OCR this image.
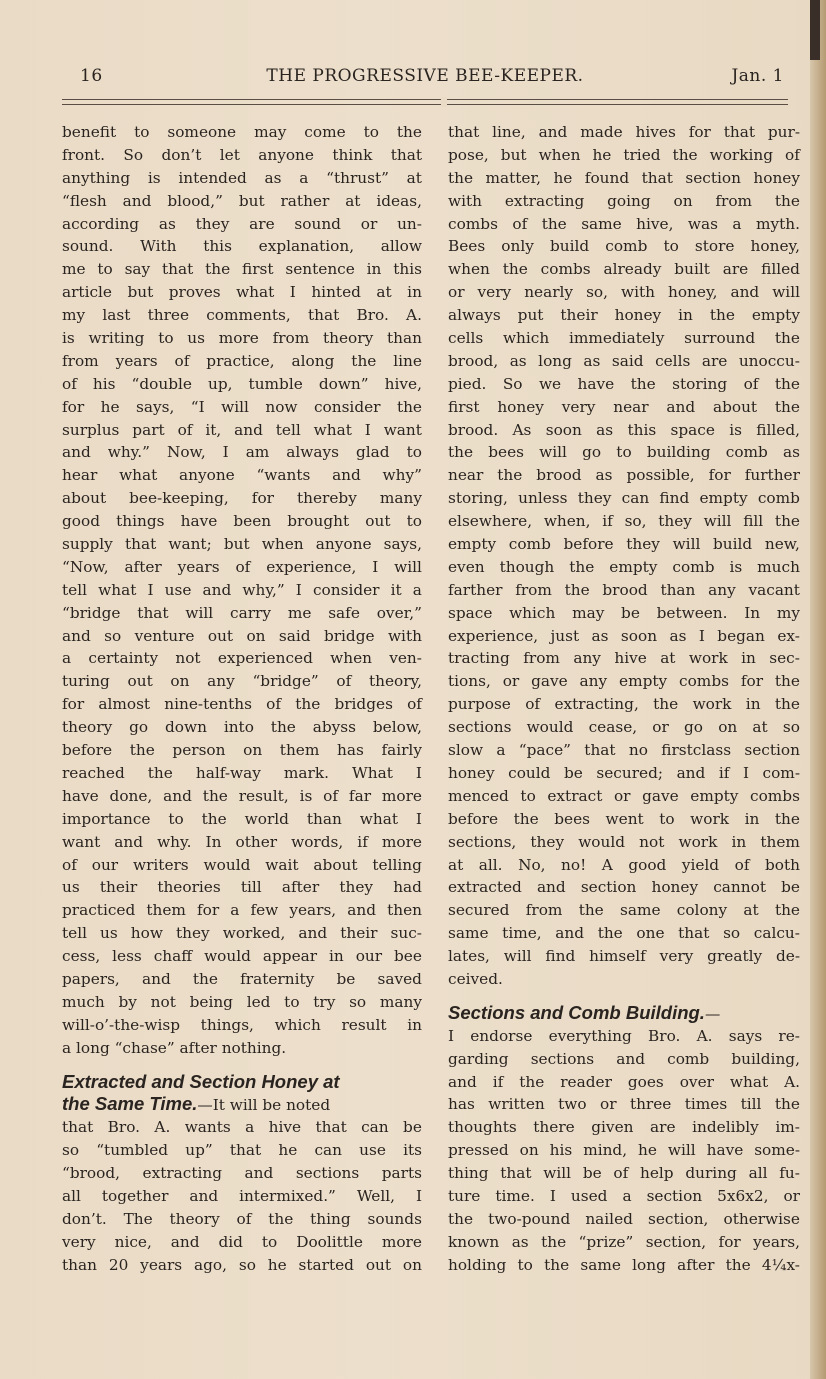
16	THE PROGRESSIVE BEE-KEEPER.	Jan. 1
benefit to someone may come to the
front. So don’t let anyone think that
anything is intended as a “thrust” at
“flesh and blood,” but rather at ideas,
according as they are sound or un-
sound. With this explanation, allow
me to say that the first sentence in this
article but proves what I hinted at in
my last three comments, that Bro. A.
is writing to us more from theory than
from years of practice, along the line
of his “double up, tumble down” hive,
for he says, “I will now consider the
surplus part of it, and tell what I want
and why.” Now, I am always glad to
hear what anyone “wants and why”
about bee-keeping, for thereby many
good things have been brought out to
supply that want; but when anyone says,
“Now, after years of experience, I will
tell what I use and why,” I consider it a
“bridge that will carry me safe over,”
and so venture out on said bridge with
a certainty not experienced when ven-
turing out on any “bridge” of theory,
for almost nine-tenths of the bridges of
theory go down into the abyss below,
before the person on them has fairly
reached the half-way mark. What I
have done, and the result, is of far more
importance to the world than what I
want and why. In other words, if more
of our writers would wait about telling
us their theories till after they had
practiced them for a few years, and then
tell us how they worked, and their suc-
cess, less chaff would appear in our bee
papers, and the fraternity be saved
much by not being led to try so many
will-o’-the-wisp things, which result in
a long “chase” after nothing.
Extracted and Section Honey at
the Same Time.—It will be noted
that Bro. A. wants a hive that can be
so “tumbled up” that he can use its
“brood, extracting and sections parts
all together and intermixed.” Well, I
don’t. The theory of the thing sounds
very nice, and did to Doolittle more
than 20 years ago, so he started out on
that line, and made hives for that pur-
pose, but when he tried the working of
the matter, he found that section honey
with extracting going on from the
combs of the same hive, was a myth.
Bees only build comb to store honey,
when the combs already built are filled
or very nearly so, with honey, and will
always put their honey in the empty
cells which immediately surround the
brood, as long as said cells are unoccu-
pied. So we have the storing of the
first honey very near and about the
brood. As soon as this space is filled,
the bees will go to building comb as
near the brood as possible, for further
storing, unless they can find empty comb
elsewhere, when, if so, they will fill the
empty comb before they will build new,
even though the empty comb is much
farther from the brood than any vacant
space which may be between. In my
experience, just as soon as I began ex-
tracting from any hive at work in sec-
tions, or gave any empty combs for the
purpose of extracting, the work in the
sections would cease, or go on at so
slow a “pace” that no firstclass section
honey could be secured; and if I com-
menced to extract or gave empty combs
before the bees went to work in the
sections, they would not work in them
at all. No, no! A good yield of both
extracted and section honey cannot be
secured from the same colony at the
same time, and the one that so calcu-
lates, will find himself very greatly de-
ceived.
Sections and Comb Building.—
I endorse everything Bro. A. says re-
garding sections and comb building,
and if the reader goes over what A.
has written two or three times till the
thoughts there given are indelibly im-
pressed on his mind, he will have some-
thing that will be of help during all fu-
ture time. I used a section 5x6x2, or
the two-pound nailed section, otherwise
known as the “prize” section, for years,
holding to the same long after the 4¼x-
